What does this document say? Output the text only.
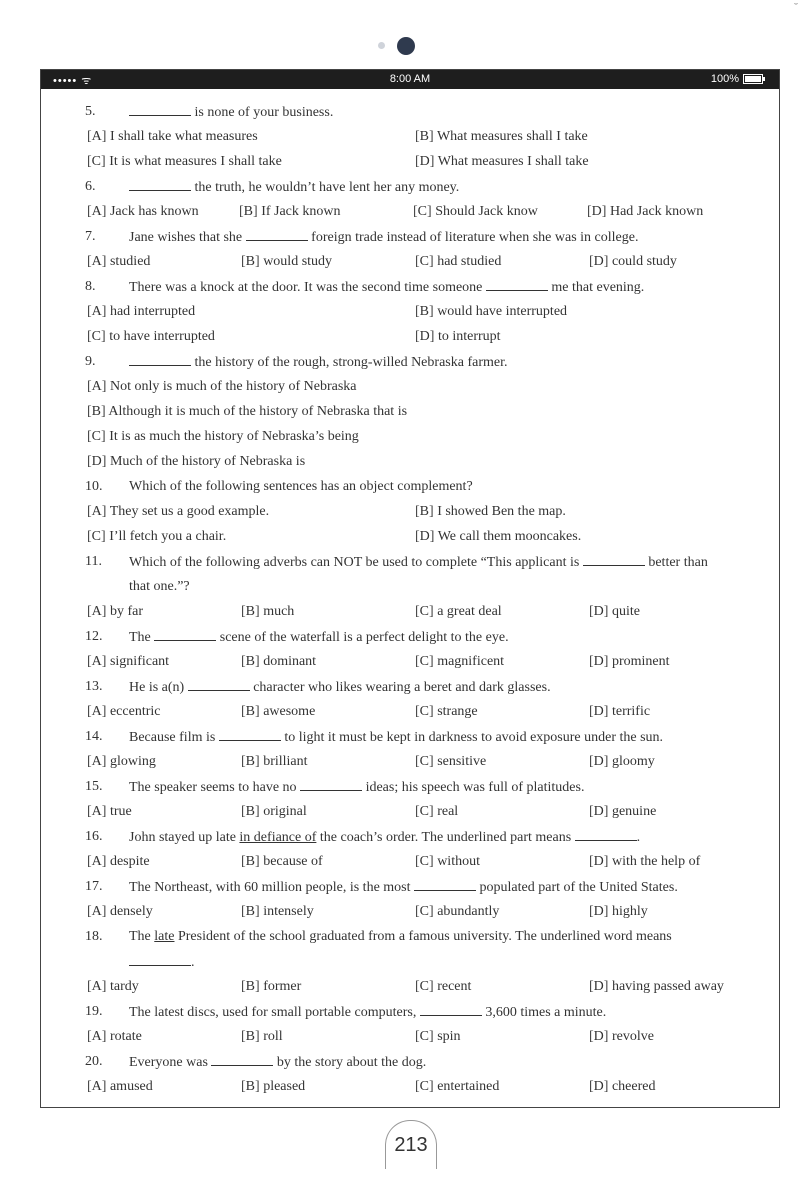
˘
••••• ᯤ	8:00 AM	100%
5.	is none of your business.
[A] I shall take what measures	[B] What measures shall I take
[C] It is what measures I shall take	[D] What measures I shall take
6.	the truth, he wouldn’t have lent her any money.
[A] Jack has known	[B] If Jack known	[C] Should Jack know	[D] Had Jack known
7.	Jane wishes that she	foreign trade instead of literature when she was in college.
[A] studied	[B] would study	[C] had studied	[D] could study
8.	There was a knock at the door. It was the second time someone	me that evening.
[A] had interrupted	[B] would have interrupted
[C] to have interrupted	[D] to interrupt
9.	the history of the rough, strong-willed Nebraska farmer.
[A] Not only is much of the history of Nebraska
[B] Although it is much of the history of Nebraska that is
[C] It is as much the history of Nebraska’s being
[D] Much of the history of Nebraska is
10.	Which of the following sentences has an object complement?
[A] They set us a good example.	[B] I showed Ben the map.
[C] I’ll fetch you a chair.	[D] We call them mooncakes.
11.	Which of the following adverbs can NOT be used to complete “This applicant is	better than
that one.”?
[A] by far	[B] much	[C] a great deal	[D] quite
12.	The	scene of the waterfall is a perfect delight to the eye.
[A] significant	[B] dominant	[C] magnificent	[D] prominent
13.	He is a(n)	character who likes wearing a beret and dark glasses.
[A] eccentric	[B] awesome	[C] strange	[D] terrific
14.	Because film is	to light it must be kept in darkness to avoid exposure under the sun.
[A] glowing	[B] brilliant	[C] sensitive	[D] gloomy
15.	The speaker seems to have no	ideas; his speech was full of platitudes.
[A] true	[B] original	[C] real	[D] genuine
16.	John stayed up late in defiance of the coach’s order. The underlined part means	.
[A] despite	[B] because of	[C] without	[D] with the help of
17.	The Northeast, with 60 million people, is the most	populated part of the United States.
[A] densely	[B] intensely	[C] abundantly	[D] highly
18.	The late President of the school graduated from a famous university. The underlined word means
.
[A] tardy	[B] former	[C] recent	[D] having passed away
19.	The latest discs, used for small portable computers,	3,600 times a minute.
[A] rotate	[B] roll	[C] spin	[D] revolve
20.	Everyone was	by the story about the dog.
[A] amused	[B] pleased	[C] entertained	[D] cheered
213
